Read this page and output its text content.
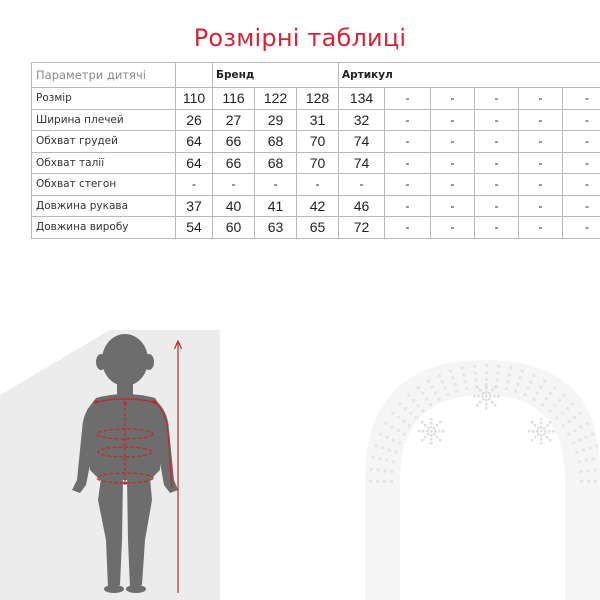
Розмірні таблиці
Параметри дитячі		Бренд			Артикул					
Розмір	110	116	122	128	134	-	-	-	-	-
Ширина плечей	26	27	29	31	32	-	-	-	-	-
Обхват грудей	64	66	68	70	74	-	-	-	-	-
Обхват талії	64	66	68	70	74	-	-	-	-	-
Обхват стегон	-	-	-	-	-	-	-	-	-	-
Довжина рукава	37	40	41	42	46	-	-	-	-	-
Довжина виробу	54	60	63	65	72	-	-	-	-	-
